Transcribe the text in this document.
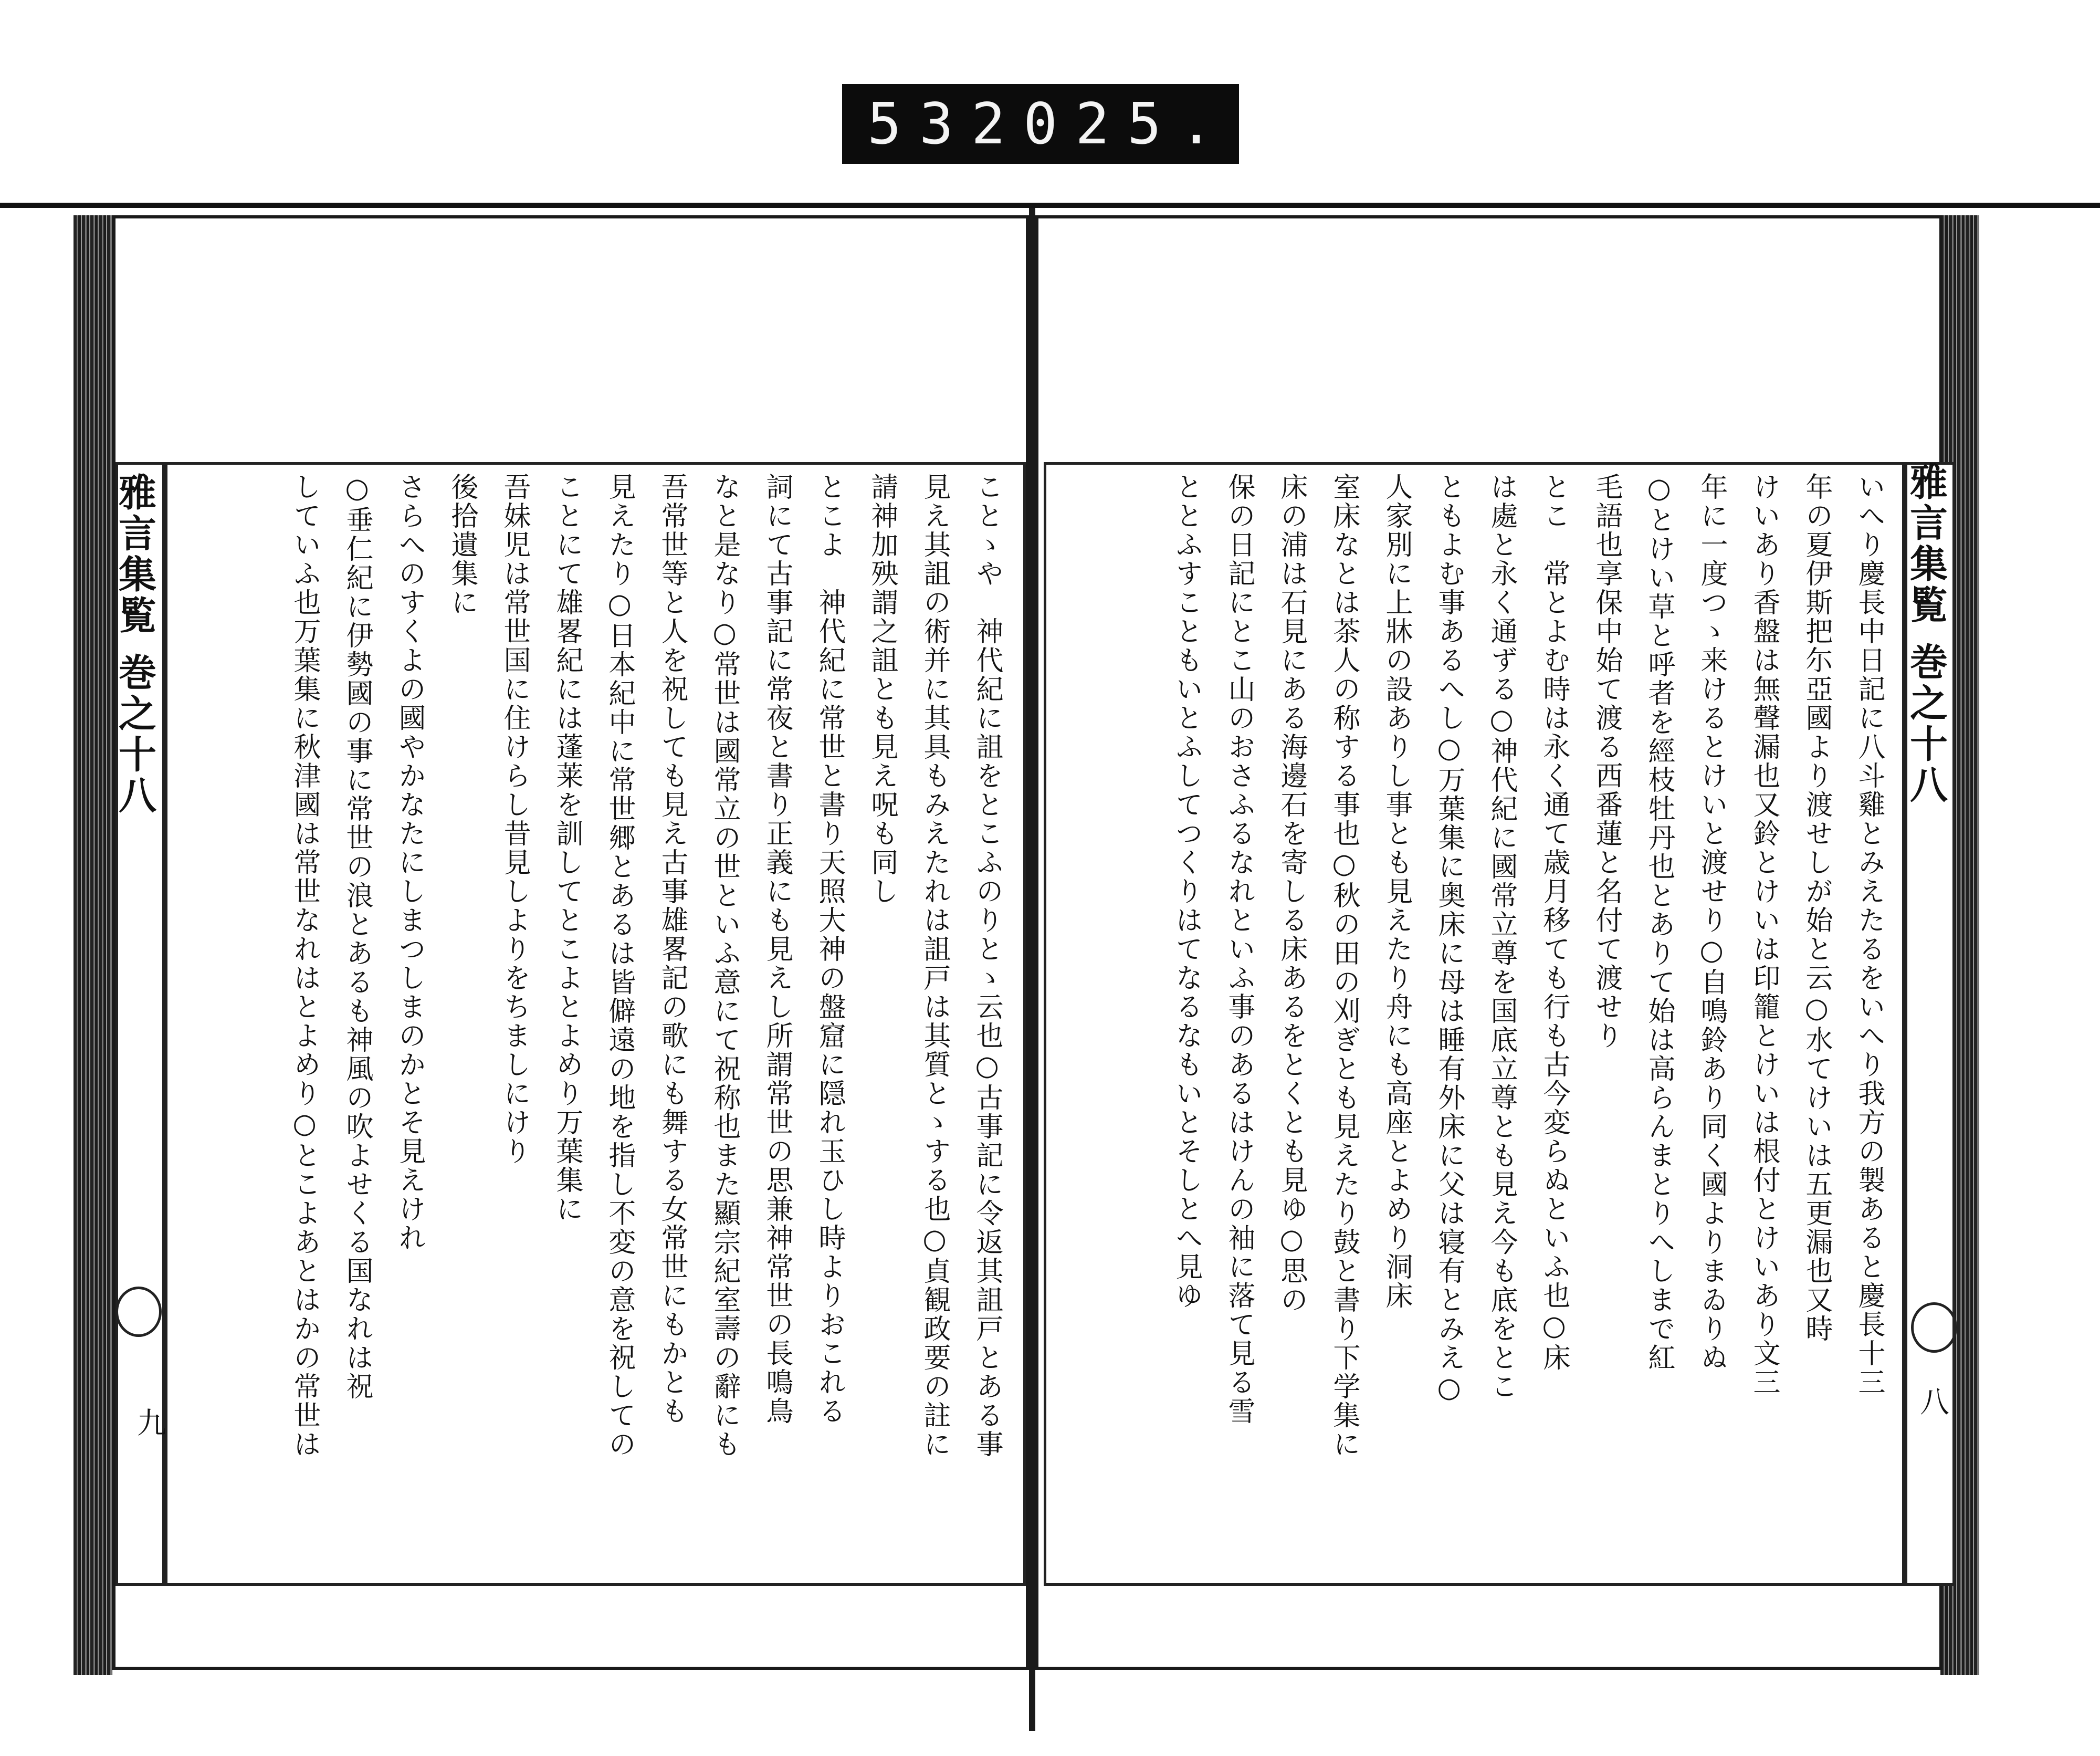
532 025.
雅言集覧 巻之十八
九	ことゝや　神代紀に詛をとこふのりとゝ云也○古事記に令返其詛戸とある事
見え其詛の術并に其具もみえたれは詛戸は其質とゝする也○貞観政要の註に
請神加殃謂之詛とも見え呪も同し
とこよ　神代紀に常世と書り天照大神の盤窟に隠れ玉ひし時よりおこれる
詞にて古事記に常夜と書り正義にも見えし所謂常世の思兼神常世の長鳴鳥
なと是なり○常世は國常立の世といふ意にて祝称也また顯宗紀室壽の辭にも
吾常世等と人を祝しても見え古事雄畧記の歌にも舞する女常世にもかとも
見えたり○日本紀中に常世郷とあるは皆僻遠の地を指し不変の意を祝しての
ことにて雄畧紀には蓬莱を訓してとこよとよめり万葉集に
吾妹児は常世国に住けらし昔見しよりをちましにけり
後拾遺集に
さらへのすくよの國やかなたにしまつしまのかとそ見えけれ
○垂仁紀に伊勢國の事に常世の浪とあるも神風の吹よせくる国なれは祝
していふ也万葉集に秋津國は常世なれはとよめり○とこよあとはかの常世は	雅言集覧 巻之十八
八
いへり慶長中日記に八斗雞とみえたるをいへり我方の製あると慶長十三
年の夏伊斯把尓亞國より渡せしが始と云○水てけいは五更漏也又時
けいあり香盤は無聲漏也又鈴とけいは印籠とけいは根付とけいあり文三
年に一度つゝ来けるとけいと渡せり○自鳴鈴あり同く國よりまゐりぬ
○とけい草と呼者を經枝牡丹也とありて始は高らんまとりへしまで紅
毛語也享保中始て渡る西番蓮と名付て渡せり
とこ　常とよむ時は永く通て歳月移ても行も古今変らぬといふ也○床
は處と永く通ずる○神代紀に國常立尊を国底立尊とも見え今も底をとこ
ともよむ事あるへし○万葉集に奥床に母は睡有外床に父は寝有とみえ○
人家別に上牀の設ありし事とも見えたり舟にも高座とよめり洞床
室床なとは茶人の称する事也○秋の田の刈ぎとも見えたり鼓と書り下学集に
床の浦は石見にある海邊石を寄しる床あるをとくとも見ゆ○思の
保の日記にとこ山のおさふるなれといふ事のあるはけんの袖に落て見る雪
ととふすこともいとふしてつくりはてなるなもいとそしとへ見ゆ
